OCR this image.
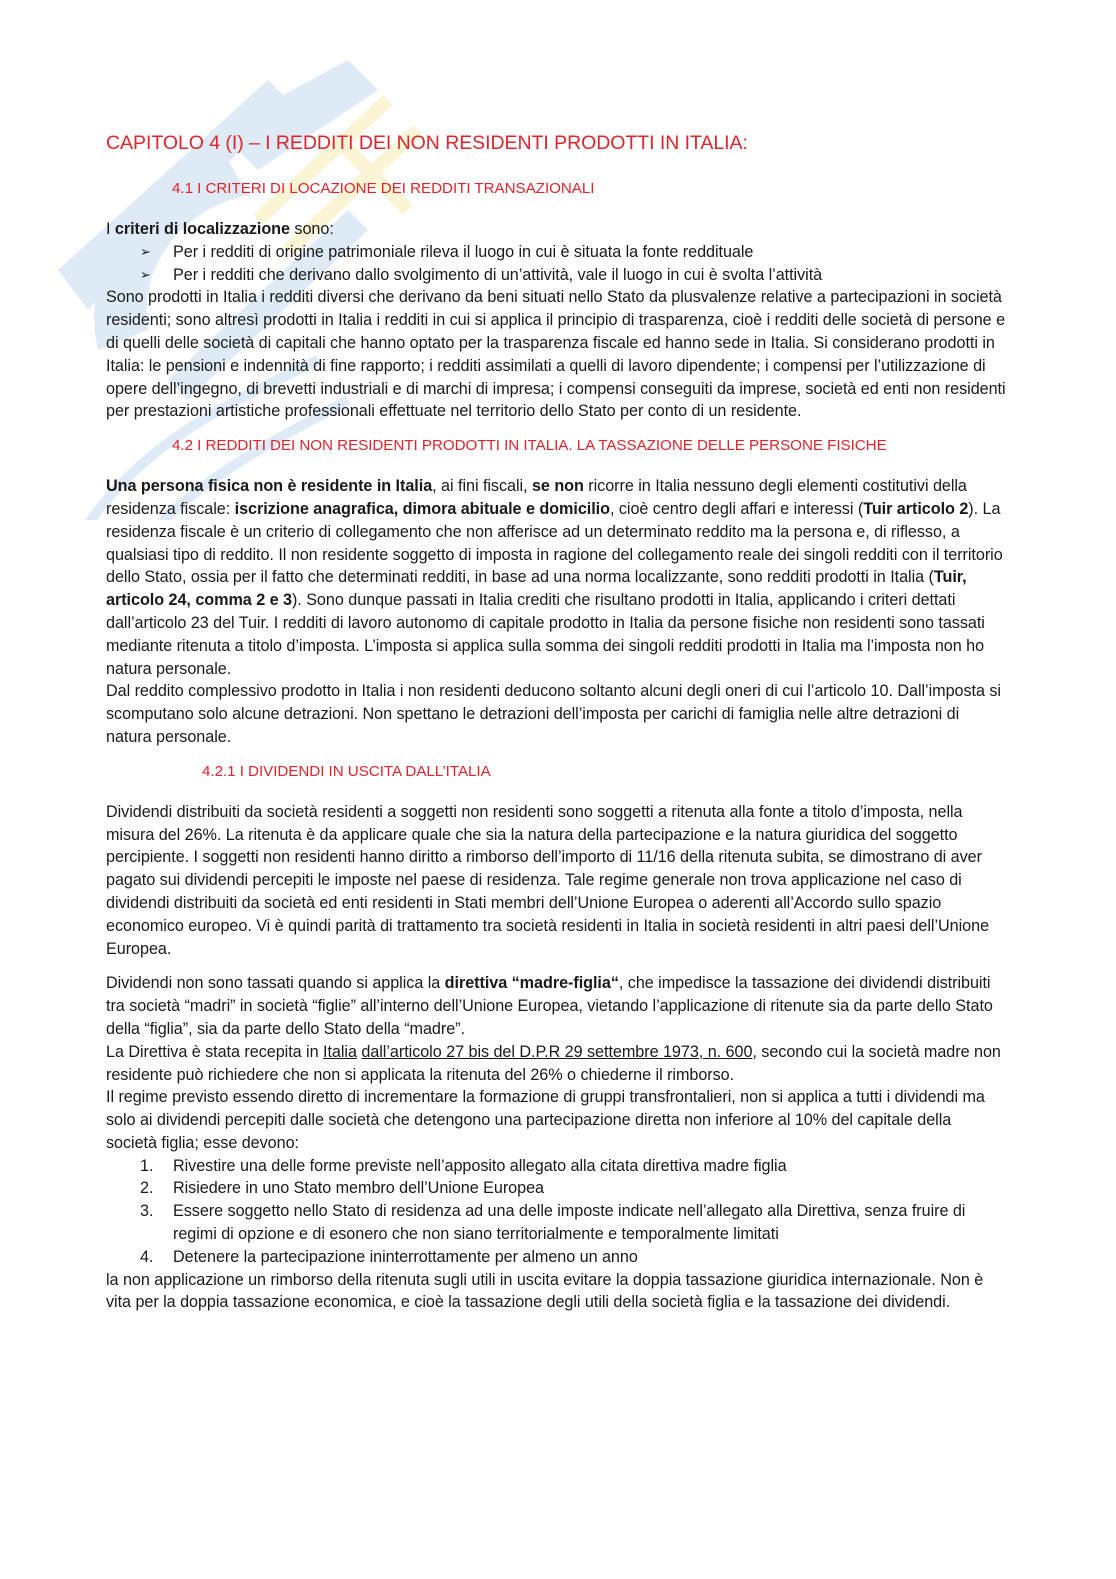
CAPITOLO 4 (I) – I REDDITI DEI NON RESIDENTI PRODOTTI IN ITALIA:
4.1 I CRITERI DI LOCAZIONE DEI REDDITI TRANSAZIONALI

I criteri di localizzazione sono:

➢	Per i redditi di origine patrimoniale rileva il luogo in cui è situata la fonte reddituale
➢	Per i redditi che derivano dallo svolgimento di un’attività, vale il luogo in cui è svolta l’attività

Sono prodotti in Italia i redditi diversi che derivano da beni situati nello Stato da plusvalenze relative a partecipazioni in società residenti; sono altresì prodotti in Italia i redditi in cui si applica il principio di trasparenza, cioè i redditi delle società di persone e di quelli delle società di capitali che hanno optato per la trasparenza fiscale ed hanno sede in Italia. Si considerano prodotti in Italia: le pensioni e indennità di fine rapporto; i redditi assimilati a quelli di lavoro dipendente; i compensi per l’utilizzazione di opere dell’ingegno, di brevetti industriali e di marchi di impresa; i compensi conseguiti da imprese, società ed enti non residenti per prestazioni artistiche professionali effettuate nel territorio dello Stato per conto di un residente.

4.2 I REDDITI DEI NON RESIDENTI PRODOTTI IN ITALIA. LA TASSAZIONE DELLE PERSONE FISICHE

Una persona fisica non è residente in Italia, ai fini fiscali, se non ricorre in Italia nessuno degli elementi costitutivi della residenza fiscale: iscrizione anagrafica, dimora abituale e domicilio, cioè centro degli affari e interessi (Tuir articolo 2). La residenza fiscale è un criterio di collegamento che non afferisce ad un determinato reddito ma la persona e, di riflesso, a qualsiasi tipo di reddito. Il non residente soggetto di imposta in ragione del collegamento reale dei singoli redditi con il territorio dello Stato, ossia per il fatto che determinati redditi, in base ad una norma localizzante, sono redditi prodotti in Italia (Tuir, articolo 24, comma 2 e 3). Sono dunque passati in Italia crediti che risultano prodotti in Italia, applicando i criteri dettati dall’articolo 23 del Tuir. I redditi di lavoro autonomo di capitale prodotto in Italia da persone fisiche non residenti sono tassati mediante ritenuta a titolo d’imposta. L’imposta si applica sulla somma dei singoli redditi prodotti in Italia ma l’imposta non ho natura personale.

Dal reddito complessivo prodotto in Italia i non residenti deducono soltanto alcuni degli oneri di cui l’articolo 10. Dall’imposta si scomputano solo alcune detrazioni. Non spettano le detrazioni dell’imposta per carichi di famiglia nelle altre detrazioni di natura personale.

4.2.1 I DIVIDENDI IN USCITA DALL’ITALIA

Dividendi distribuiti da società residenti a soggetti non residenti sono soggetti a ritenuta alla fonte a titolo d’imposta, nella misura del 26%. La ritenuta è da applicare quale che sia la natura della partecipazione e la natura giuridica del soggetto percipiente. I soggetti non residenti hanno diritto a rimborso dell’importo di 11/16 della ritenuta subita, se dimostrano di aver pagato sui dividendi percepiti le imposte nel paese di residenza. Tale regime generale non trova applicazione nel caso di dividendi distribuiti da società ed enti residenti in Stati membri dell’Unione Europea o aderenti all’Accordo sullo spazio economico europeo. Vi è quindi parità di trattamento tra società residenti in Italia in società residenti in altri paesi dell’Unione Europea.

Dividendi non sono tassati quando si applica la direttiva “madre-figlia“, che impedisce la tassazione dei dividendi distribuiti tra società “madri” in società “figlie” all’interno dell’Unione Europea, vietando l’applicazione di ritenute sia da parte dello Stato della “figlia”, sia da parte dello Stato della “madre”.

La Direttiva è stata recepita in Italia dall’articolo 27 bis del D.P.R 29 settembre 1973, n. 600, secondo cui la società madre non residente può richiedere che non si applicata la ritenuta del 26% o chiederne il rimborso.

Il regime previsto essendo diretto di incrementare la formazione di gruppi transfrontalieri, non si applica a tutti i dividendi ma solo ai dividendi percepiti dalle società che detengono una partecipazione diretta non inferiore al 10% del capitale della società figlia; esse devono:

1. Rivestire una delle forme previste nell’apposito allegato alla citata direttiva madre figlia
2. Risiedere in uno Stato membro dell’Unione Europea
3. Essere soggetto nello Stato di residenza ad una delle imposte indicate nell’allegato alla Direttiva, senza fruire di regimi di opzione e di esonero che non siano territorialmente e temporalmente limitati
4. Detenere la partecipazione ininterrottamente per almeno un anno

la non applicazione un rimborso della ritenuta sugli utili in uscita evitare la doppia tassazione giuridica internazionale. Non è vita per la doppia tassazione economica, e cioè la tassazione degli utili della società figlia e la tassazione dei dividendi.
